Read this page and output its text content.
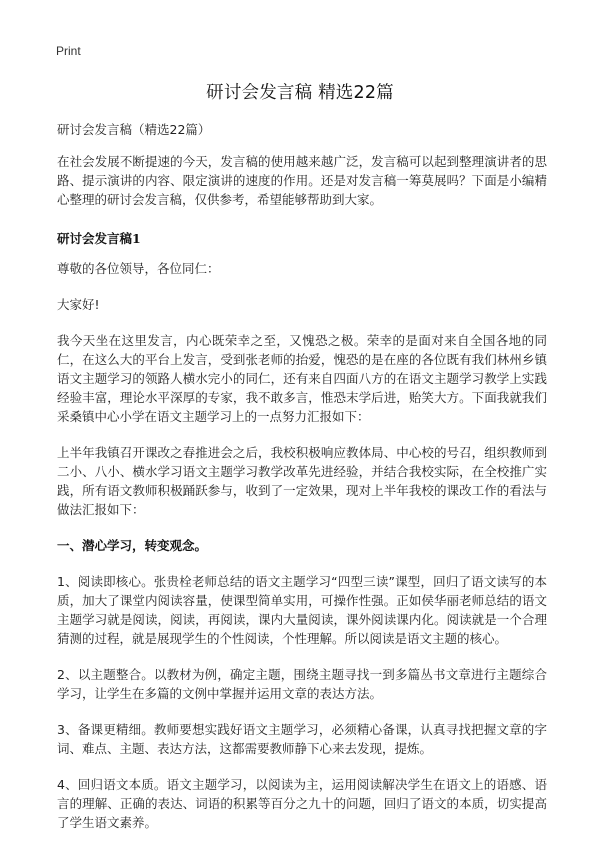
Print
研讨会发言稿 精选22篇

研讨会发言稿（精选22篇）

在社会发展不断提速的今天，发言稿的使用越来越广泛，发言稿可以起到整理演讲者的思路、提示演讲的内容、限定演讲的速度的作用。还是对发言稿一筹莫展吗？下面是小编精心整理的研讨会发言稿，仅供参考，希望能够帮助到大家。

研讨会发言稿1

尊敬的各位领导，各位同仁：

大家好!

我今天坐在这里发言，内心既荣幸之至，又愧恐之极。荣幸的是面对来自全国各地的同仁，在这么大的平台上发言，受到张老师的抬爱，愧恐的是在座的各位既有我们林州乡镇语文主题学习的领路人横水完小的同仁，还有来自四面八方的在语文主题学习教学上实践经验丰富，理论水平深厚的专家，我不敢多言，惟恐末学后进，贻笑大方。下面我就我们采桑镇中心小学在语文主题学习上的一点努力汇报如下：

上半年我镇召开课改之春推进会之后，我校积极响应教体局、中心校的号召，组织教师到二小、八小、横水学习语文主题学习教学改革先进经验，并结合我校实际，在全校推广实践，所有语文教师积极踊跃参与，收到了一定效果，现对上半年我校的课改工作的看法与做法汇报如下：

一、潜心学习，转变观念。

1、阅读即核心。张贵栓老师总结的语文主题学习“四型三读”课型，回归了语文读写的本质，加大了课堂内阅读容量，使课型简单实用，可操作性强。正如侯华丽老师总结的语文主题学习就是阅读，阅读，再阅读，课内大量阅读，课外阅读课内化。阅读就是一个合理猜测的过程，就是展现学生的个性阅读，个性理解。所以阅读是语文主题的核心。

2、以主题整合。以教材为例，确定主题，围绕主题寻找一到多篇丛书文章进行主题综合学习，让学生在多篇的文例中掌握并运用文章的表达方法。

3、备课更精细。教师要想实践好语文主题学习，必须精心备课，认真寻找把握文章的字词、难点、主题、表达方法，这都需要教师静下心来去发现，提炼。

4、回归语文本质。语文主题学习，以阅读为主，运用阅读解决学生在语文上的语感、语言的理解、正确的表达、词语的积累等百分之九十的问题，回归了语文的本质，切实提高了学生语文素养。
